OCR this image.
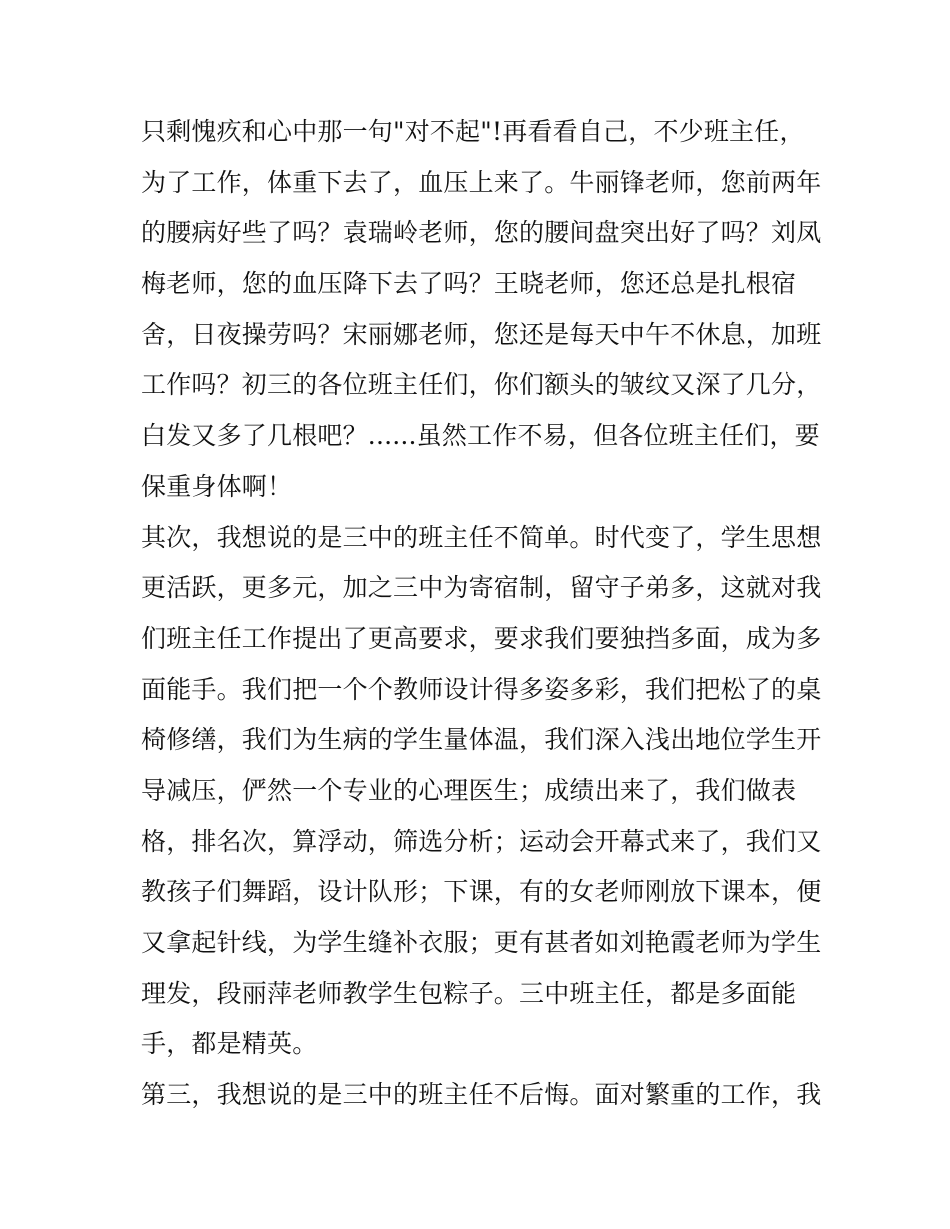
只剩愧疚和心中那一句"对不起"!再看看自己，不少班主任，
为了工作，体重下去了，血压上来了。牛丽锋老师，您前两年
的腰病好些了吗？袁瑞岭老师，您的腰间盘突出好了吗？刘凤
梅老师，您的血压降下去了吗？王晓老师，您还总是扎根宿
舍，日夜操劳吗？宋丽娜老师，您还是每天中午不休息，加班
工作吗？初三的各位班主任们，你们额头的皱纹又深了几分，
白发又多了几根吧？......虽然工作不易，但各位班主任们，要
保重身体啊！
其次，我想说的是三中的班主任不简单。时代变了，学生思想
更活跃，更多元，加之三中为寄宿制，留守子弟多，这就对我
们班主任工作提出了更高要求，要求我们要独挡多面，成为多
面能手。我们把一个个教师设计得多姿多彩，我们把松了的桌
椅修缮，我们为生病的学生量体温，我们深入浅出地位学生开
导减压，俨然一个专业的心理医生；成绩出来了，我们做表
格，排名次，算浮动，筛选分析；运动会开幕式来了，我们又
教孩子们舞蹈，设计队形；下课，有的女老师刚放下课本，便
又拿起针线，为学生缝补衣服；更有甚者如刘艳霞老师为学生
理发，段丽萍老师教学生包粽子。三中班主任，都是多面能
手，都是精英。
第三，我想说的是三中的班主任不后悔。面对繁重的工作，我
